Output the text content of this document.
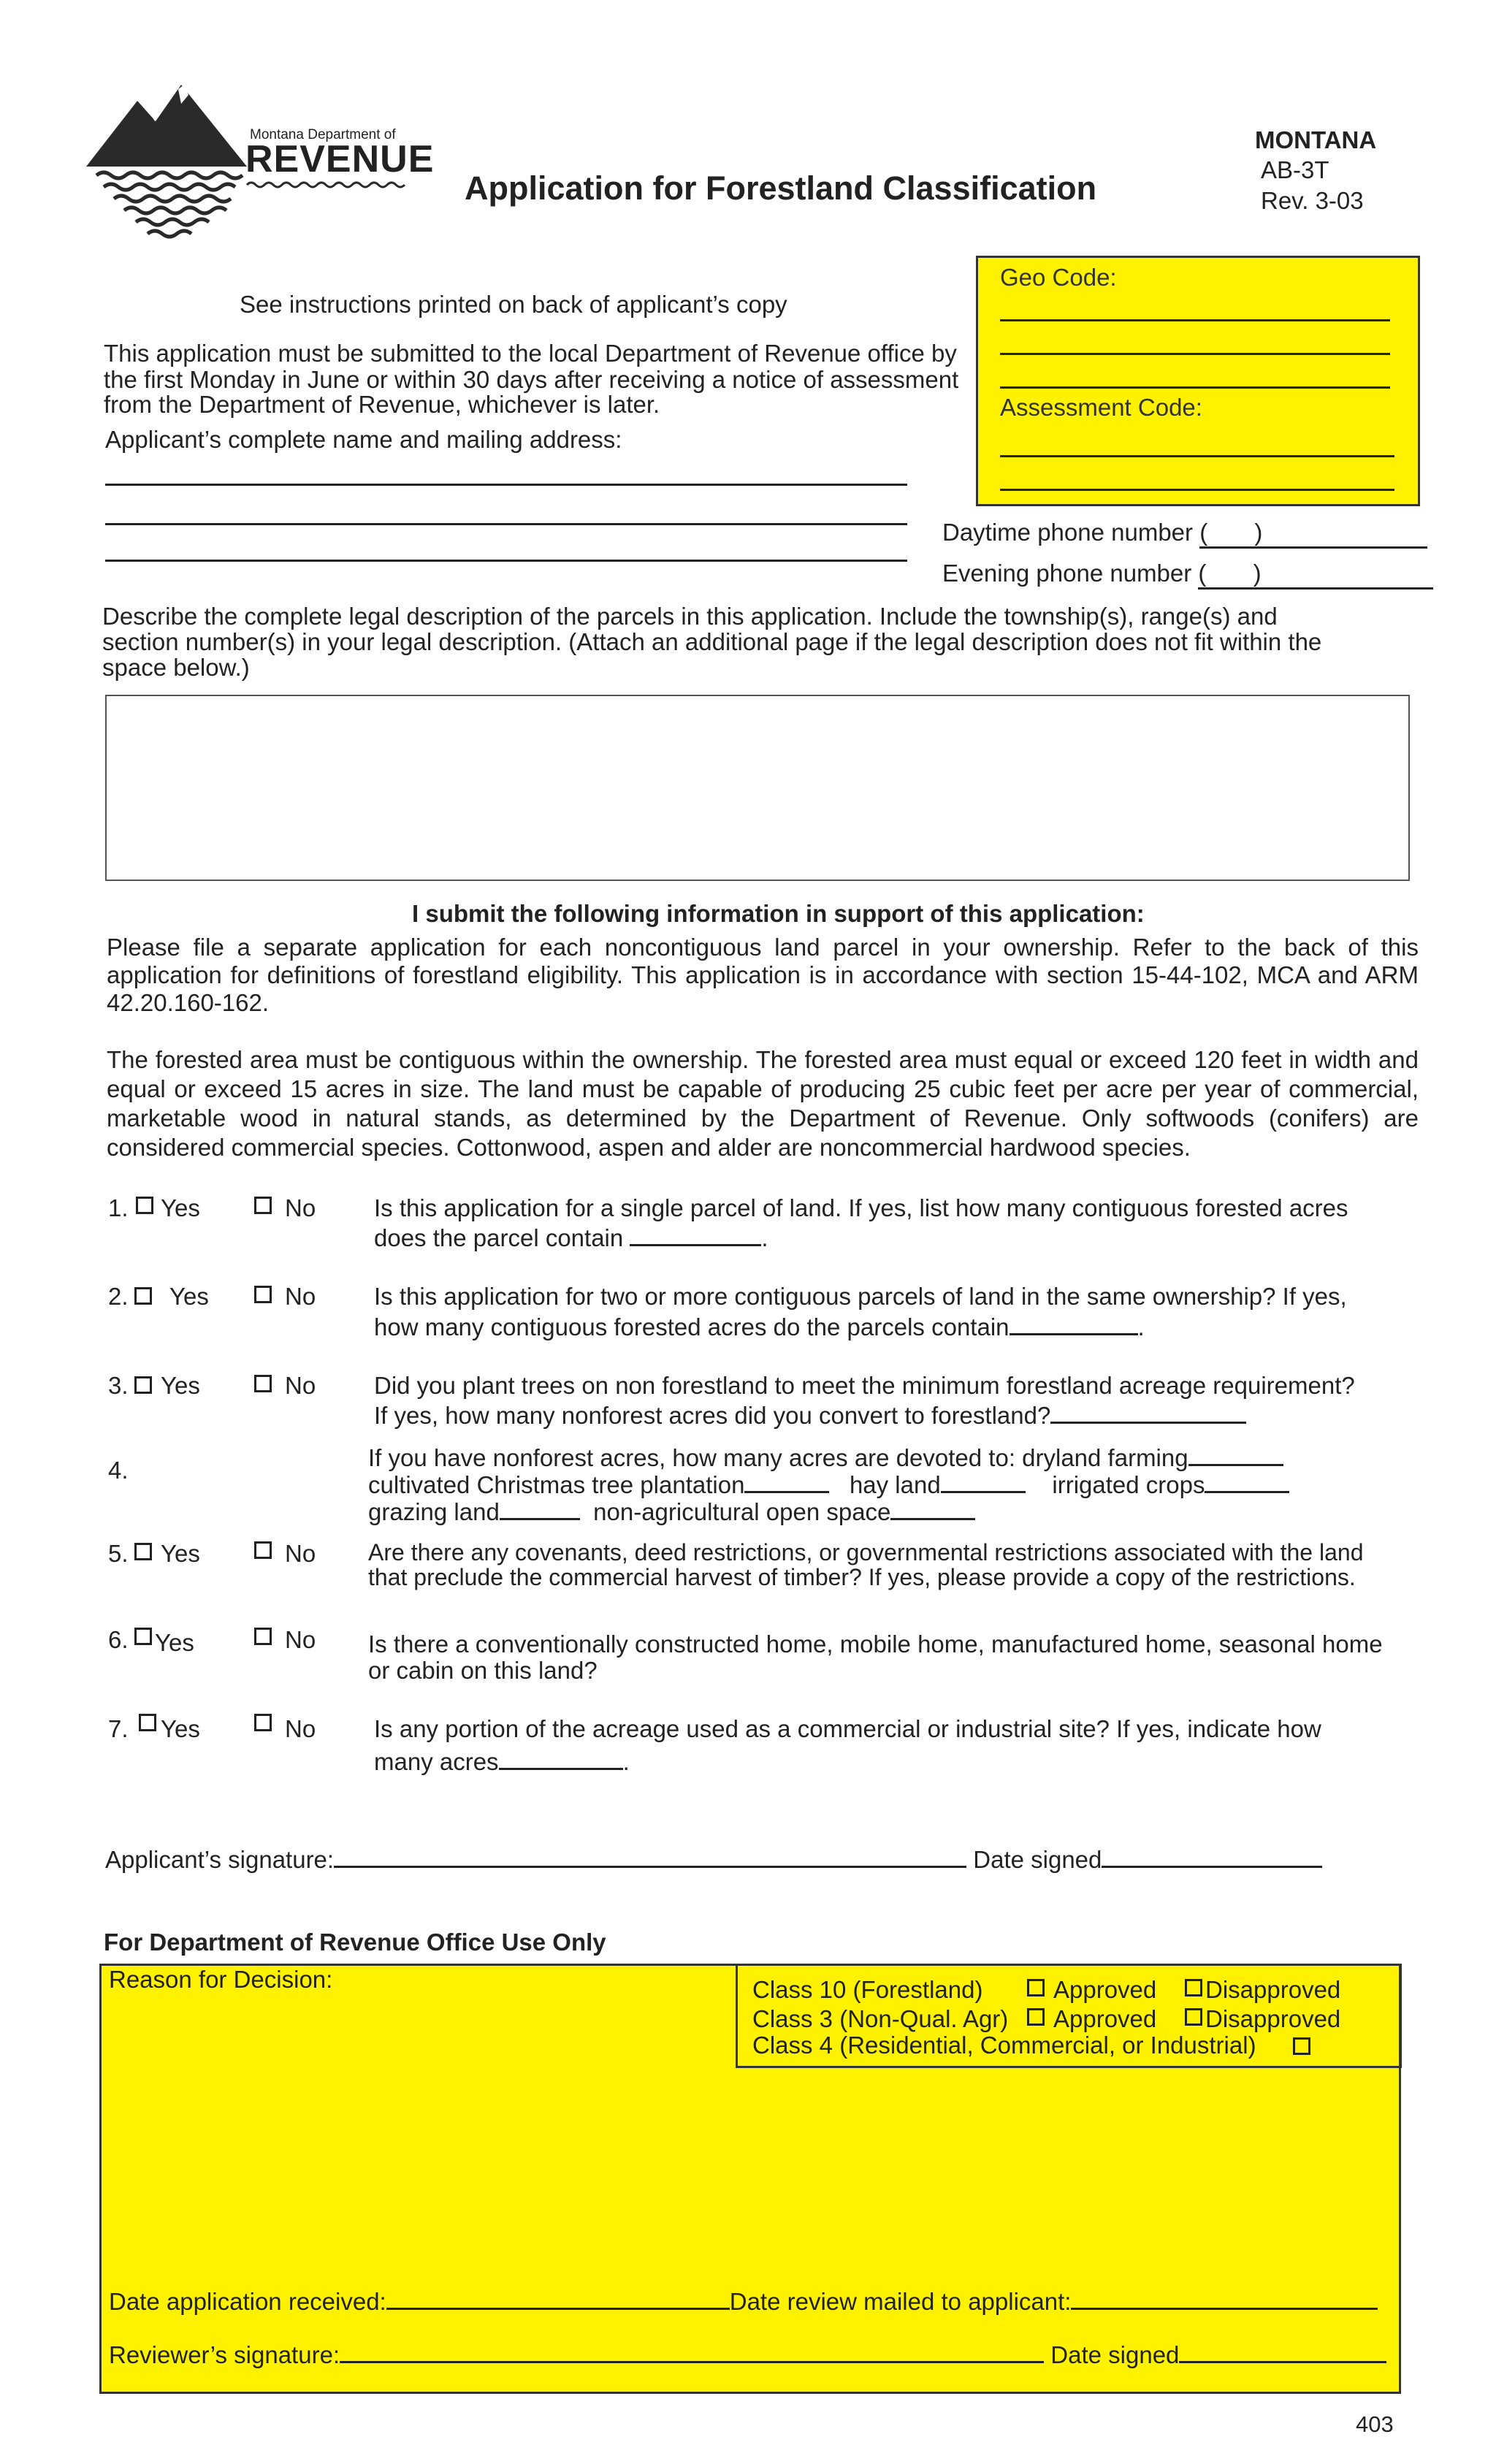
Montana Department of
REVENUE
Application for Forestland Classification
MONTANA
AB-3T
Rev. 3-03
Geo Code:
Assessment Code:
See instructions printed on back of applicant’s copy
This application must be submitted to the local Department of Revenue office by
the first Monday in June or within 30 days after receiving a notice of assessment
from the Department of Revenue, whichever is later.
Applicant’s complete name and mailing address:
Daytime phone number (       )
Evening phone number (       )
Describe the complete legal description of the parcels in this application. Include the township(s), range(s) and
section number(s) in your legal description. (Attach an additional page if the legal description does not fit within the
space below.)
I submit the following information in support of this application:
Please file a separate application for each noncontiguous land parcel in your ownership. Refer to the back of this application for definitions of forestland eligibility. This application is in accordance with section 15-44-102, MCA and ARM 42.20.160-162.
The forested area must be contiguous within the ownership. The forested area must equal or exceed 120 feet in width and equal or exceed 15 acres in size. The land must be capable of producing 25 cubic feet per acre per year of commercial, marketable wood in natural stands, as determined by the Department of Revenue. Only softwoods (conifers) are considered commercial species. Cottonwood, aspen and alder are noncommercial hardwood species.
1. Yes	No Is this application for a single parcel of land. If yes, list how many contiguous forested acres
does the parcel contain	.
2. Yes	No Is this application for two or more contiguous parcels of land in the same ownership? If yes,
how many contiguous forested acres do the parcels contain	.
3. Yes	No Did you plant trees on non forestland to meet the minimum forestland acreage requirement?
If yes, how many nonforest acres did you convert to forestland?
4.	If you have nonforest acres, how many acres are devoted to: dryland farming
cultivated Christmas tree plantation	hay land	irrigated crops
grazing land	non-agricultural open space
5. Yes	No Are there any covenants, deed restrictions, or governmental restrictions associated with the land
that preclude the commercial harvest of timber? If yes, please provide a copy of the restrictions.
6. Yes	No Is there a conventionally constructed home, mobile home, manufactured home, seasonal home
or cabin on this land?
7. Yes	No Is any portion of the acreage used as a commercial or industrial site? If yes, indicate how
many acres	.
Applicant’s signature:	Date signed
For Department of Revenue Office Use Only
Reason for Decision:	Class 10 (Forestland)	Approved Disapproved
Class 3 (Non-Qual. Agr) Approved Disapproved
Class 4 (Residential, Commercial, or Industrial)
Date application received:	Date review mailed to applicant:
Reviewer’s signature:	Date signed
403
